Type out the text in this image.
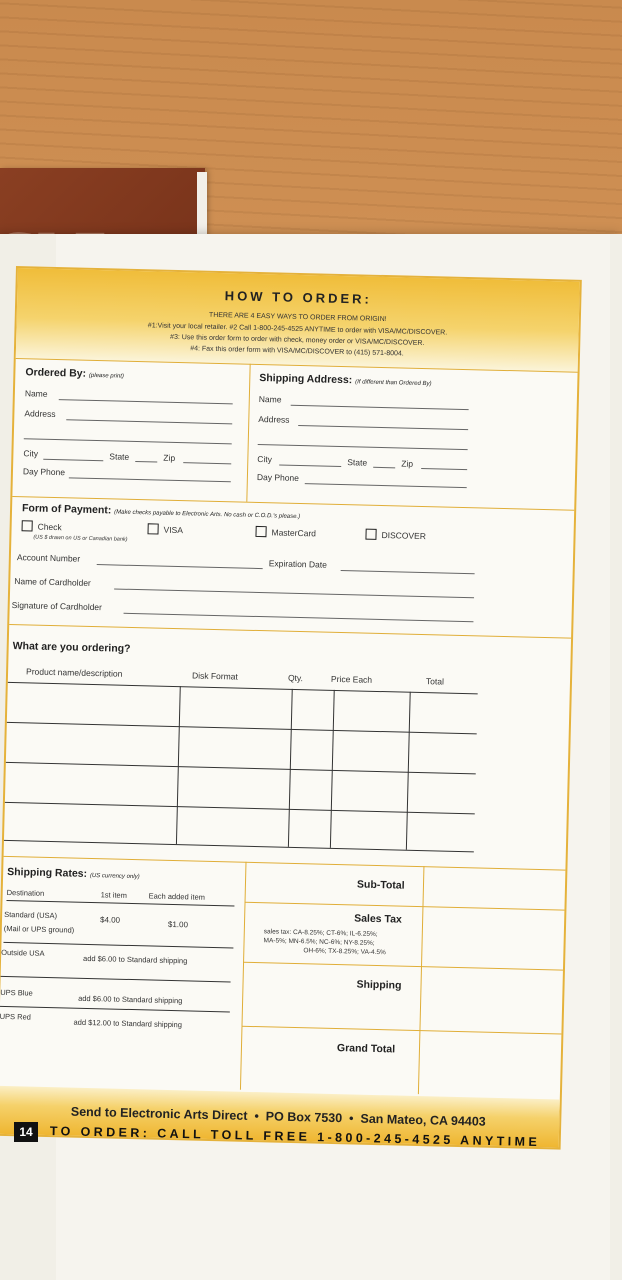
HOW TO ORDER:
THERE ARE 4 EASY WAYS TO ORDER FROM ORIGIN!
#1:Visit your local retailer. #2 Call 1-800-245-4525 ANYTIME to order with VISA/MC/DISCOVER.
#3: Use this order form to order with check, money order or VISA/MC/DISCOVER.
#4: Fax this order form with VISA/MC/DISCOVER to (415) 571-8004.
Ordered By: (please print)
Name
Address
City	State	Zip
Day Phone
Shipping Address: (If different than Ordered By)
Name
Address
City	State	Zip
Day Phone
Form of Payment: (Make checks payable to Electronic Arts. No cash or C.O.D.'s please.)
Check
(US $ drawn on US or Canadian bank)
VISA	MasterCard	DISCOVER
Account Number
Expiration Date
Name of Cardholder
Signature of Cardholder
What are you ordering?
Product name/description	Disk Format	Qty.	Price Each	Total
Shipping Rates: (US currency only)
Destination	1st item	Each added item
Standard (USA)
(Mail or UPS ground)
$4.00	$1.00
Outside USA
add $6.00 to Standard shipping
UPS Blue
add $6.00 to Standard shipping
UPS Red
add $12.00 to Standard shipping
Sub-Total
Sales Tax
sales tax: CA-8.25%; CT-6%; IL-6.25%;
MA-5%; MN-6.5%; NC-6%; NY-8.25%;
OH-6%; TX-8.25%; VA-4.5%
Shipping
Grand Total
Send to Electronic Arts Direct • PO Box 7530 • San Mateo, CA 94403
14	TO ORDER: CALL TOLL FREE 1-800-245-4525 ANYTIME
